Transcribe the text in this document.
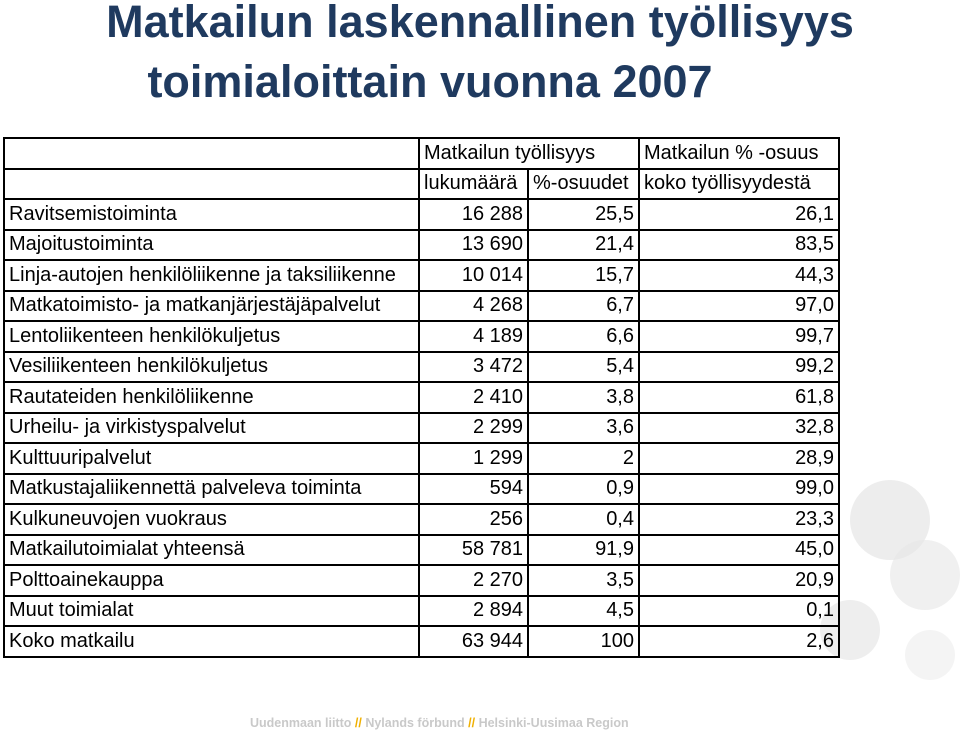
Matkailun laskennallinen työllisyys
toimialoittain vuonna 2007
	Matkailun työllisyys		Matkailun % -osuus
	lukumäärä	%-osuudet	koko työllisyydestä
Ravitsemistoiminta	16 288	25,5	26,1
Majoitustoiminta	13 690	21,4	83,5
Linja-autojen henkilöliikenne ja taksiliikenne	10 014	15,7	44,3
Matkatoimisto- ja matkanjärjestäjäpalvelut	4 268	6,7	97,0
Lentoliikenteen henkilökuljetus	4 189	6,6	99,7
Vesiliikenteen henkilökuljetus	3 472	5,4	99,2
Rautateiden henkilöliikenne	2 410	3,8	61,8
Urheilu- ja virkistyspalvelut	2 299	3,6	32,8
Kulttuuripalvelut	1 299	2	28,9
Matkustajaliikennettä palveleva toiminta	594	0,9	99,0
Kulkuneuvojen vuokraus	256	0,4	23,3
Matkailutoimialat yhteensä	58 781	91,9	45,0
Polttoainekauppa	2 270	3,5	20,9
Muut toimialat	2 894	4,5	0,1
Koko matkailu	63 944	100	2,6
Uudenmaan liitto // Nylands förbund // Helsinki-Uusimaa Region
